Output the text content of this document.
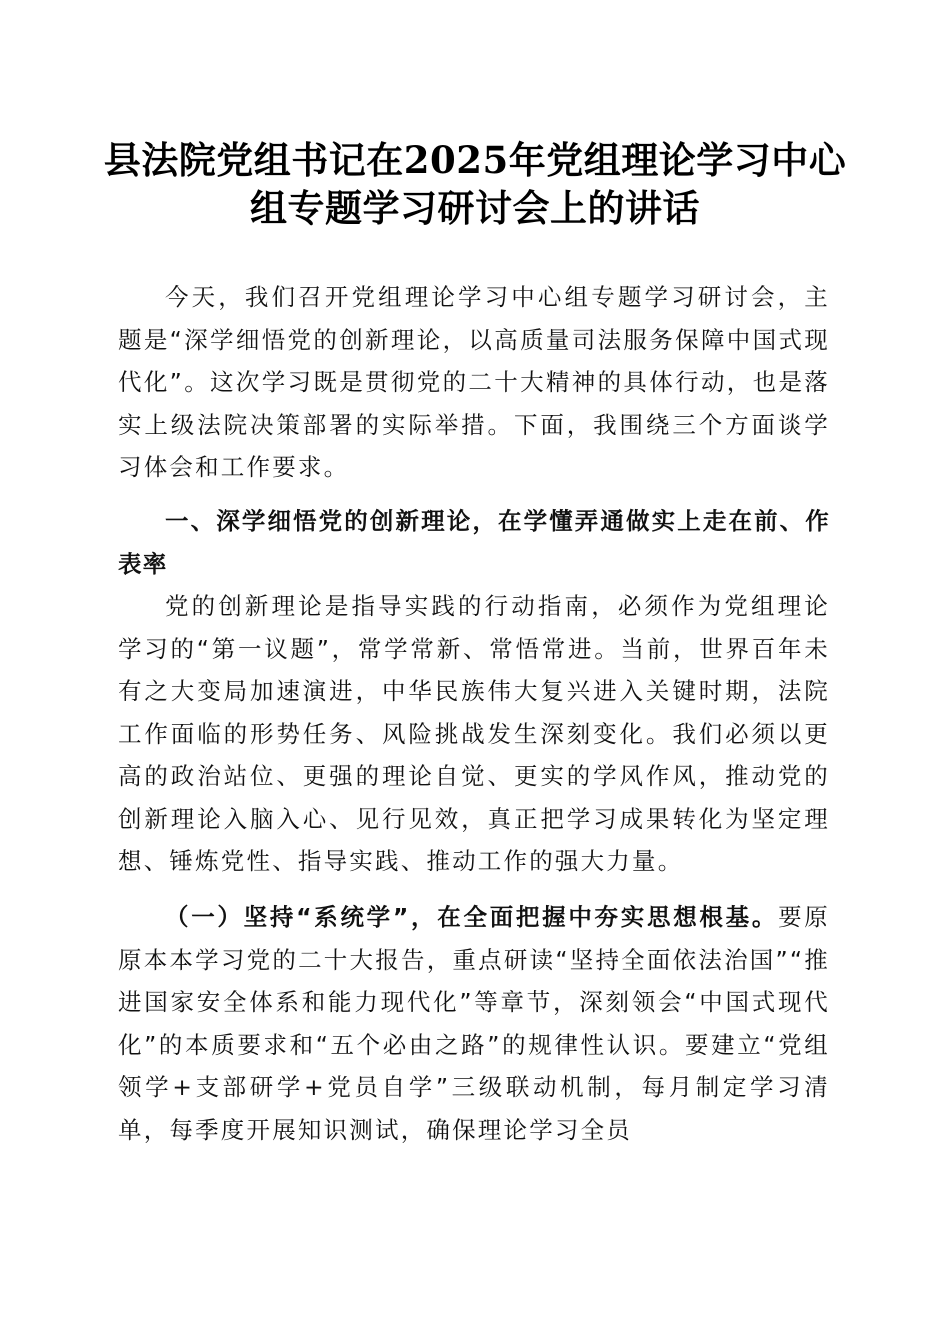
县法院党组书记在2025年党组理论学习中心
组专题学习研讨会上的讲话

今天，我们召开党组理论学习中心组专题学习研讨会，主题是“深学细悟党的创新理论，以高质量司法服务保障中国式现代化”。这次学习既是贯彻党的二十大精神的具体行动，也是落实上级法院决策部署的实际举措。下面，我围绕三个方面谈学习体会和工作要求。

一、深学细悟党的创新理论，在学懂弄通做实上走在前、作表率

党的创新理论是指导实践的行动指南，必须作为党组理论学习的“第一议题”，常学常新、常悟常进。当前，世界百年未有之大变局加速演进，中华民族伟大复兴进入关键时期，法院工作面临的形势任务、风险挑战发生深刻变化。我们必须以更高的政治站位、更强的理论自觉、更实的学风作风，推动党的创新理论入脑入心、见行见效，真正把学习成果转化为坚定理想、锤炼党性、指导实践、推动工作的强大力量。

（一）坚持“系统学”，在全面把握中夯实思想根基。要原原本本学习党的二十大报告，重点研读“坚持全面依法治国”“推进国家安全体系和能力现代化”等章节，深刻领会“中国式现代化”的本质要求和“五个必由之路”的规律性认识。要建立“党组领学+支部研学+党员自学”三级联动机制，每月制定学习清单，每季度开展知识测试，确保理论学习全员
